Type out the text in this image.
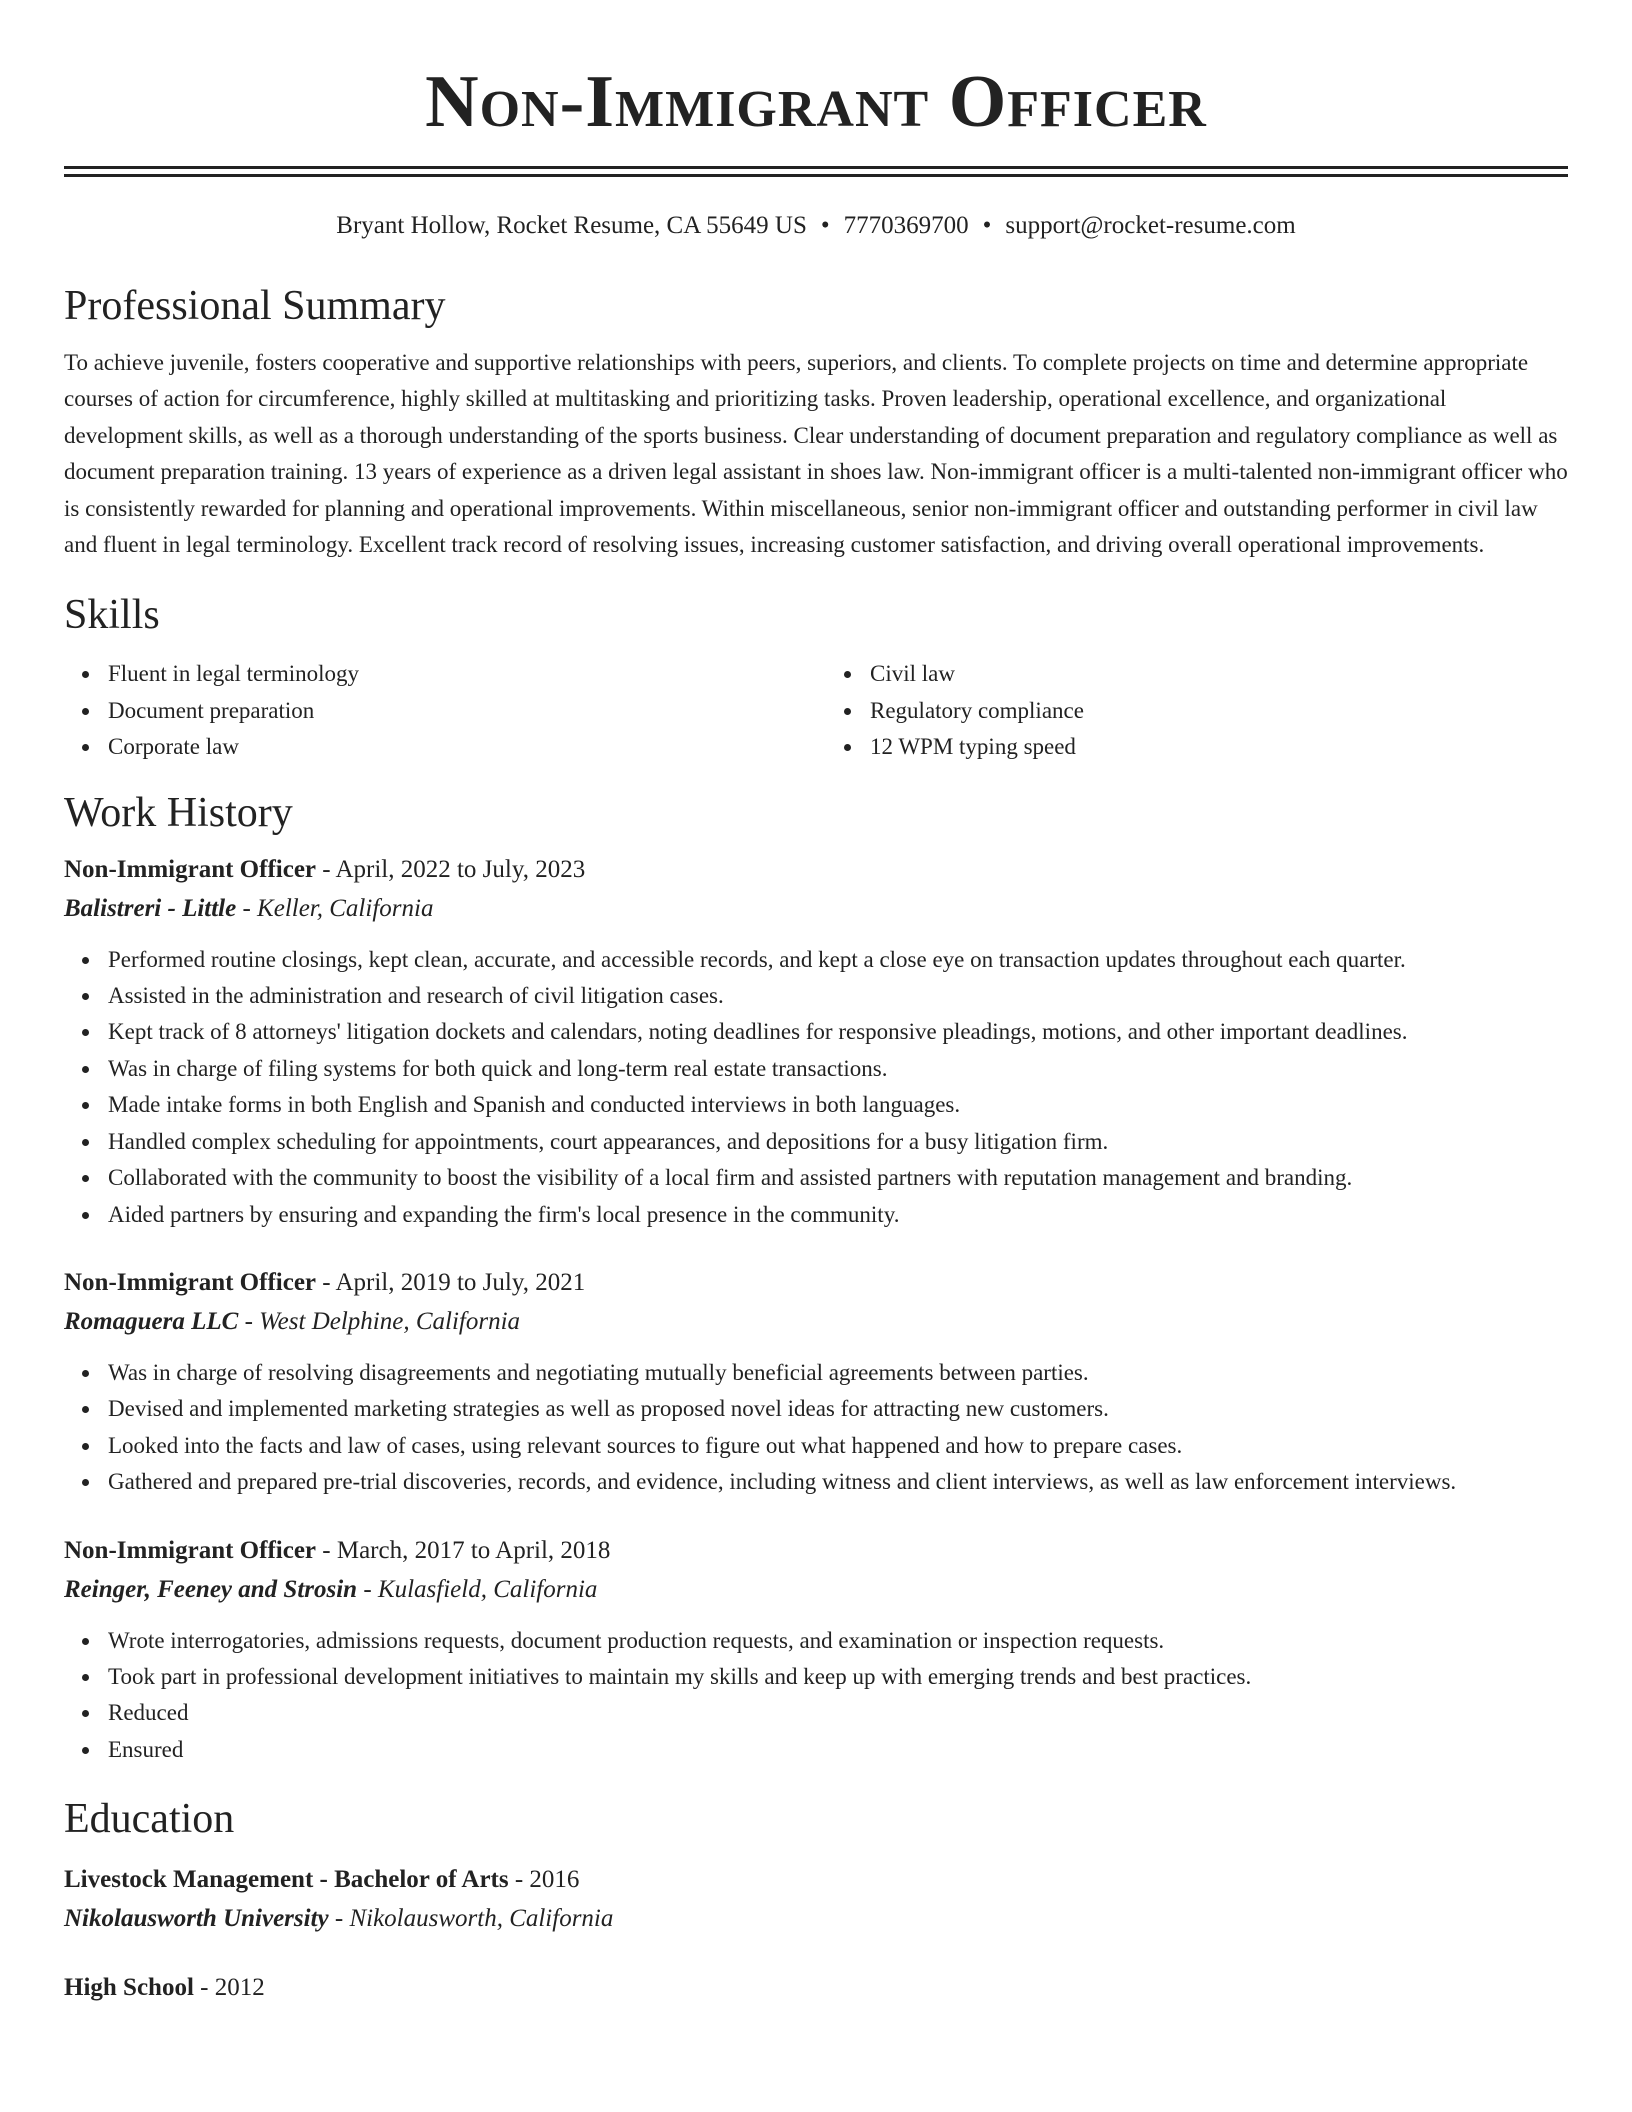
Non-Immigrant Officer
Bryant Hollow, Rocket Resume, CA 55649 US • 7770369700 • support@rocket-resume.com
Professional Summary

To achieve juvenile, fosters cooperative and supportive relationships with peers, superiors, and clients. To complete projects on time and determine appropriate courses of action for circumference, highly skilled at multitasking and prioritizing tasks. Proven leadership, operational excellence, and organizational development skills, as well as a thorough understanding of the sports business. Clear understanding of document preparation and regulatory compliance as well as document preparation training. 13 years of experience as a driven legal assistant in shoes law. Non-immigrant officer is a multi-talented non-immigrant officer who is consistently rewarded for planning and operational improvements. Within miscellaneous, senior non-immigrant officer and outstanding performer in civil law and fluent in legal terminology. Excellent track record of resolving issues, increasing customer satisfaction, and driving overall operational improvements.

Skills
Fluent in legal terminology
Document preparation
Corporate law
Civil law
Regulatory compliance
12 WPM typing speed
Work History
Non-Immigrant Officer - April, 2022 to July, 2023
Balistreri - Little - Keller, California
Performed routine closings, kept clean, accurate, and accessible records, and kept a close eye on transaction updates throughout each quarter.
Assisted in the administration and research of civil litigation cases.
Kept track of 8 attorneys' litigation dockets and calendars, noting deadlines for responsive pleadings, motions, and other important deadlines.
Was in charge of filing systems for both quick and long-term real estate transactions.
Made intake forms in both English and Spanish and conducted interviews in both languages.
Handled complex scheduling for appointments, court appearances, and depositions for a busy litigation firm.
Collaborated with the community to boost the visibility of a local firm and assisted partners with reputation management and branding.
Aided partners by ensuring and expanding the firm's local presence in the community.
Non-Immigrant Officer - April, 2019 to July, 2021
Romaguera LLC - West Delphine, California
Was in charge of resolving disagreements and negotiating mutually beneficial agreements between parties.
Devised and implemented marketing strategies as well as proposed novel ideas for attracting new customers.
Looked into the facts and law of cases, using relevant sources to figure out what happened and how to prepare cases.
Gathered and prepared pre-trial discoveries, records, and evidence, including witness and client interviews, as well as law enforcement interviews.
Non-Immigrant Officer - March, 2017 to April, 2018
Reinger, Feeney and Strosin - Kulasfield, California
Wrote interrogatories, admissions requests, document production requests, and examination or inspection requests.
Took part in professional development initiatives to maintain my skills and keep up with emerging trends and best practices.
Reduced
Ensured
Education
Livestock Management - Bachelor of Arts - 2016
Nikolausworth University - Nikolausworth, California
High School - 2012
